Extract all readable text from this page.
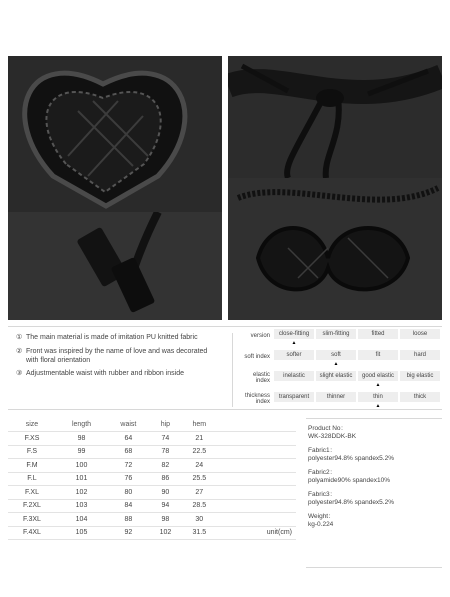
① The main material is made of imitation PU knitted fabric
② Front was inspired by the name of love and was decorated with floral orientation
③ Adjustmentable waist with rubber and ribbon inside
version	close-fitting	slim-fitting	fitted	loose
▲
soft index	softer	soft	fit	hard
▲
elastic index
inelastic	slight elastic	good elastic	big elastic
▲
thickness index
transparent	thinner	thin	thick
▲
size	length	waist	hip	hem	
F.XS	98	64	74	21	
F.S	99	68	78	22.5	
F.M	100	72	82	24	
F.L	101	76	86	25.5	
F.XL	102	80	90	27	
F.2XL	103	84	94	28.5	
F.3XL	104	88	98	30	
F.4XL	105	92	102	31.5	unit(cm)
Product No：
WK-328DDK-BK
Fabric1：
polyester94.8% spandex5.2%
Fabric2：
polyamide90% spandex10%
Fabric3：
polyester94.8% spandex5.2%
Weight：
kg-0.224
